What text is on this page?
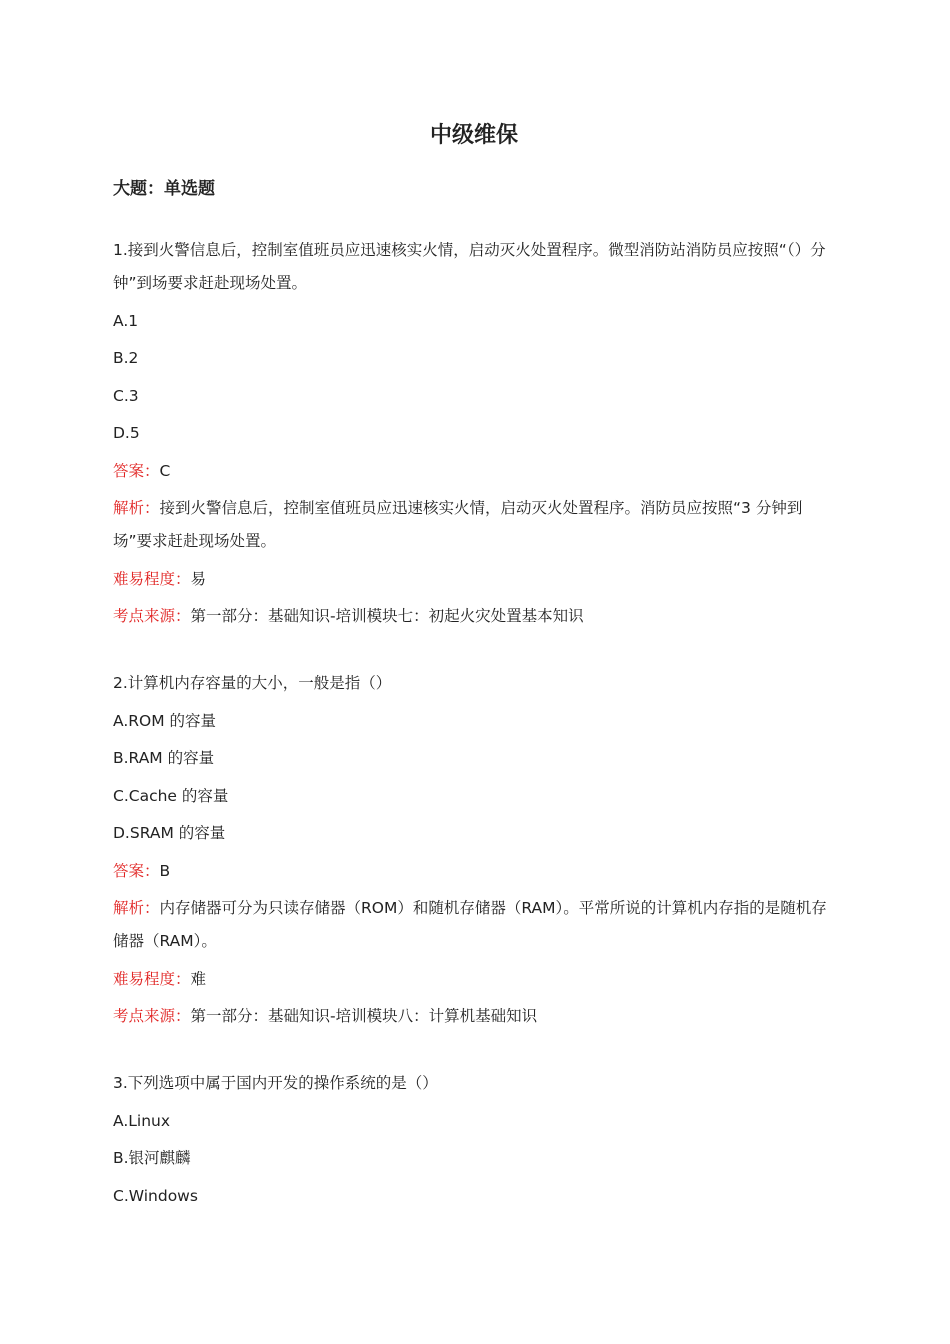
中级维保
大题：单选题
1.接到火警信息后，控制室值班员应迅速核实火情，启动灭火处置程序。微型消防站消防员应按照“（）分钟”到场要求赶赴现场处置。
A.1
B.2
C.3
D.5
答案：C
解析：接到火警信息后，控制室值班员应迅速核实火情，启动灭火处置程序。消防员应按照“3 分钟到场”要求赶赴现场处置。
难易程度：易
考点来源：第一部分：基础知识-培训模块七：初起火灾处置基本知识
2.计算机内存容量的大小，一般是指（）
A.ROM 的容量
B.RAM 的容量
C.Cache 的容量
D.SRAM 的容量
答案：B
解析：内存储器可分为只读存储器（ROM）和随机存储器（RAM）。平常所说的计算机内存指的是随机存储器（RAM）。
难易程度：难
考点来源：第一部分：基础知识-培训模块八：计算机基础知识
3.下列选项中属于国内开发的操作系统的是（）
A.Linux
B.银河麒麟
C.Windows
